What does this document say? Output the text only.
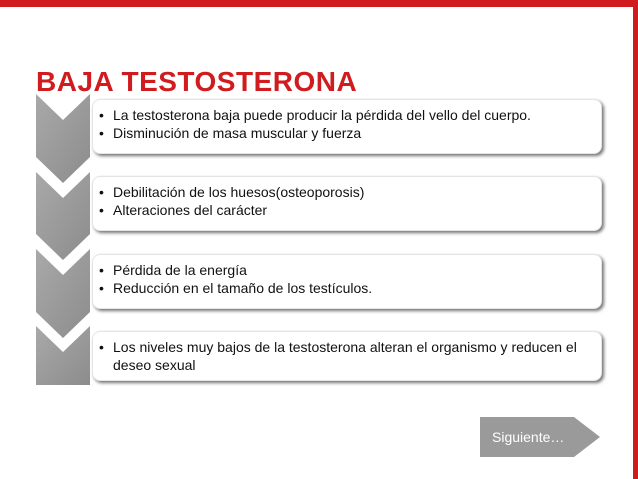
BAJA TESTOSTERONA
• La testosterona baja puede producir la pérdida del vello del cuerpo.
• Disminución de masa muscular y fuerza
• Debilitación de los huesos(osteoporosis)
• Alteraciones del carácter
• Pérdida de la energía
• Reducción en el tamaño de los testículos.
• Los niveles muy bajos de la testosterona alteran el organismo y reducen el deseo sexual
Siguiente…
